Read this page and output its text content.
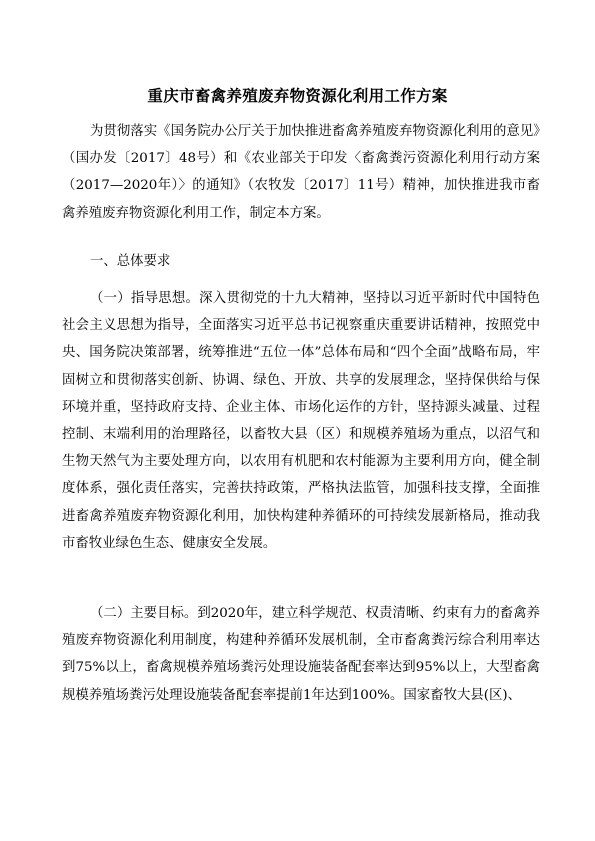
重庆市畜禽养殖废弃物资源化利用工作方案

为贯彻落实《国务院办公厅关于加快推进畜禽养殖废弃物资源化利用的意见》（国办发〔2017〕48号）和《农业部关于印发〈畜禽粪污资源化利用行动方案（2017—2020年）〉的通知》（农牧发〔2017〕11号）精神，加快推进我市畜禽养殖废弃物资源化利用工作，制定本方案。

一、总体要求

（一）指导思想。深入贯彻党的十九大精神，坚持以习近平新时代中国特色社会主义思想为指导，全面落实习近平总书记视察重庆重要讲话精神，按照党中央、国务院决策部署，统筹推进“五位一体”总体布局和“四个全面”战略布局，牢固树立和贯彻落实创新、协调、绿色、开放、共享的发展理念，坚持保供给与保环境并重，坚持政府支持、企业主体、市场化运作的方针，坚持源头减量、过程控制、末端利用的治理路径，以畜牧大县（区）和规模养殖场为重点，以沼气和生物天然气为主要处理方向，以农用有机肥和农村能源为主要利用方向，健全制度体系，强化责任落实，完善扶持政策，严格执法监管，加强科技支撑，全面推进畜禽养殖废弃物资源化利用，加快构建种养循环的可持续发展新格局，推动我市畜牧业绿色生态、健康安全发展。

（二）主要目标。到2020年，建立科学规范、权责清晰、约束有力的畜禽养殖废弃物资源化利用制度，构建种养循环发展机制，全市畜禽粪污综合利用率达到75%以上，畜禽规模养殖场粪污处理设施装备配套率达到95%以上，大型畜禽规模养殖场粪污处理设施装备配套率提前1年达到100%。国家畜牧大县(区)、
